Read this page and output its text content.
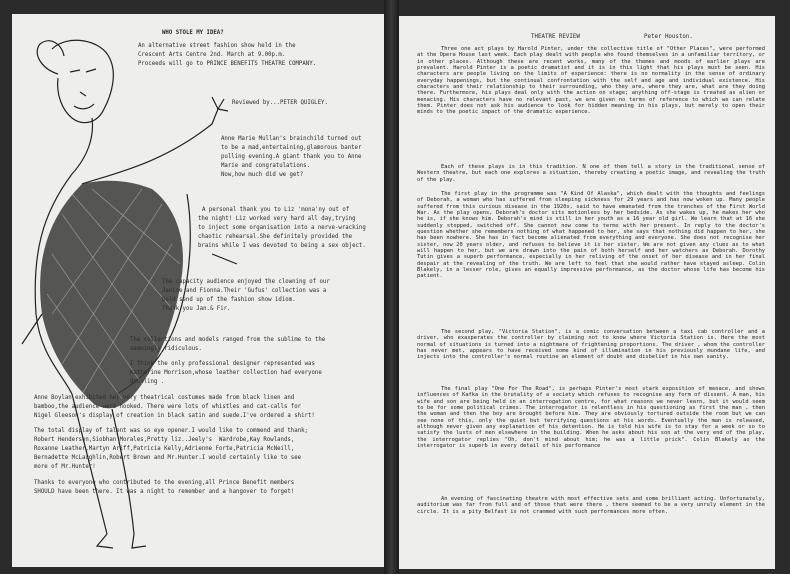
WHO STOLE MY IDEA?
An alternative street fashion show held in the
Crescent Arts Centre 2nd. March at 9.00p.m.
Proceeds will go to PRINCE BENEFITS THEATRE COMPANY.
Reviewed by...PETER QUIGLEY.
Anne Marie Mullan's brainchild turned out
to be a mad,entertaining,glamorous banter
pulling evening.A giant thank you to Anne
Marie and congratulations.
Now,how much did we get?
A personal thank you to Liz 'mona'ny out of
the night! Liz worked very hard all day,trying
to inject some organisation into a nerve-wracking
chaotic rehearsal.She definitely provided the
brains while I was devoted to being a sex object.
The capacity audience enjoyed the clowning of our
Janice and Fionna.Their 'Gufus' collection was a
bold send up of the fashion show idiom.
Thank you Jan.& Fir.
The collections and models ranged from the sublime to the
seemingly ridiculous.
I think the only professional designer represented was
Katherine Morrison,whose leather collection had everyone
drooling .
Anne Boylan exhibited her very theatrical costumes made from black linen and
bamboo,the audience were hooked. There were lots of whistles and cat-calls for
Nigel Gleeson's display of creation in black satin and suede.I've ordered a shirt!
The total display of talent was so eye opener.I would like to commend and thank;
Robert Henderson,Siobhan Morales,Pretty liz..Jeely's  Wardrobe,Kay Rowlands,
Roxanne Leather,Martyn Ariff,Patricia Kelly,Adrienne Forte,Patricia McNeill,
Bernadette McLaughlin,Robert Brown and Mr.Hunter.I would certainly like to see
more of Mr.Hunter!
Thanks to everyone who contributed to the evening,all Prince Benefit members
SHOULD have been there. It was a night to remember and a hangover to forget!
THEATRE REVIEW	Peter Houston.
Three one act plays by Harold Pinter, under the collective title of "Other Places", were performed at the Opera House last week. Each play dealt with people who found themselves in a unfamiliar territory, or in other places. Although these are recent works, many of the themes and moods of earlier plays are prevalent. Harold Pinter is a poetic dramatist and it is in this light that his plays must be seen. His characters are people living on the limits of experience: there is no normality in the sense of ordinary everyday happenings, but the continual confrontation with the self and age and individual existence. His characters and their relationship to their surrounding, who they are, where they are, what are they doing there. Furthermore, his plays deal only with the action on stage; anything off-stage is treated as alien or menacing. His characters have no relevant past, we are given no terms of reference to which we can relate them. Pinter does not ask his audience to look for hidden meaning in his plays, but merely to open their minds to the poetic impact of the dramatic experience.
Each of these plays is in this tradition. N one of them tell a story in the traditional sense of Western theatre, but each one explores a situation, thereby creating a poetic image, and revealing the truth of the play.
The first play in the programme was "A Kind Of Alaska", which dealt with the thoughts and feelings of Deborah, a woman who has suffered from sleeping sickness for 29 years and has now woken up. Many people suffered from this curious disease in the 1920s, said to have emanated from the trenches of the First World War. As the play opens, Deborah's doctor sits motionless by her bedside. As she wakes up, he makes her who he is, if she knows him. Deborah's mind is still in her youth as a 16 year old girl. We learn that at 16 she suddenly stopped, switched off. She cannot now come to terms with her present. In reply to the doctor's question whether she remembers nothing of what happened to her, she says that nothing did happen to her, she has been nowhere. She has in fact become alienated from everything and everyone. She does not recognise her sister, now 20 years older, and refuses to believe it is her sister. We are not given any clues as to what will happen to her, but we are drawn into the pain of both herself and her watchers as Deborah. Dorothy Tutin gives a superb performance, especially in her reliving of the onset of her disease and in her final despair at the revealing of the truth. We are left to feel that she would rather have stayed asleep. Colin Blakely, in a lesser role, gives an equally impressive performance, as the doctor whose life has become his patient.
The second play, "Victoria Station", is a comic conversation between a taxi cab controller and a driver, who exasperates the controller by claiming not to know where Victoria Station is. Here the most normal of situations is turned into a nightmare of frightening proportions. The driver , whom the controller has never met, appears to have received some kind of illumination in his previously mundane life, and injects into the controller's normal routine an element of doubt and disbelief in his own sanity.
The final play "One For The Road", is perhaps Pinter's most stark exposition of menace, and shows influences of Kafka in the brutality of a society which refuses to recognise any form of dissent. A man, his wife and son are being held in an interrogation centre, for what reasons we never learn, but it would seem to be for some political crimes. The interrogator is relentless in his questioning as first the man , then the woman and then the boy are brought before him. They are obviously tortured outside the room but we can see none of this, only the quiet but terrifying questions at his words. Eventually the man is released, although never given any explanation of his detention. He is told his wife is to stay for a week or so to satisfy the lusts of men elsewhere in the building. When he asks about his son at the very end of the play, the interrogator replies "Oh, don't mind about him; he was a little prick". Colin Blakely as the interrogator is superb in every detail of his performance
An evening of fascinating theatre with most effective sets and some brilliant acting. Unfortunately, auditorium was far from full and of those that were there , there seemed to be a very unruly element in the circle. It is a pity Belfast is not crammed with such performances more often.
